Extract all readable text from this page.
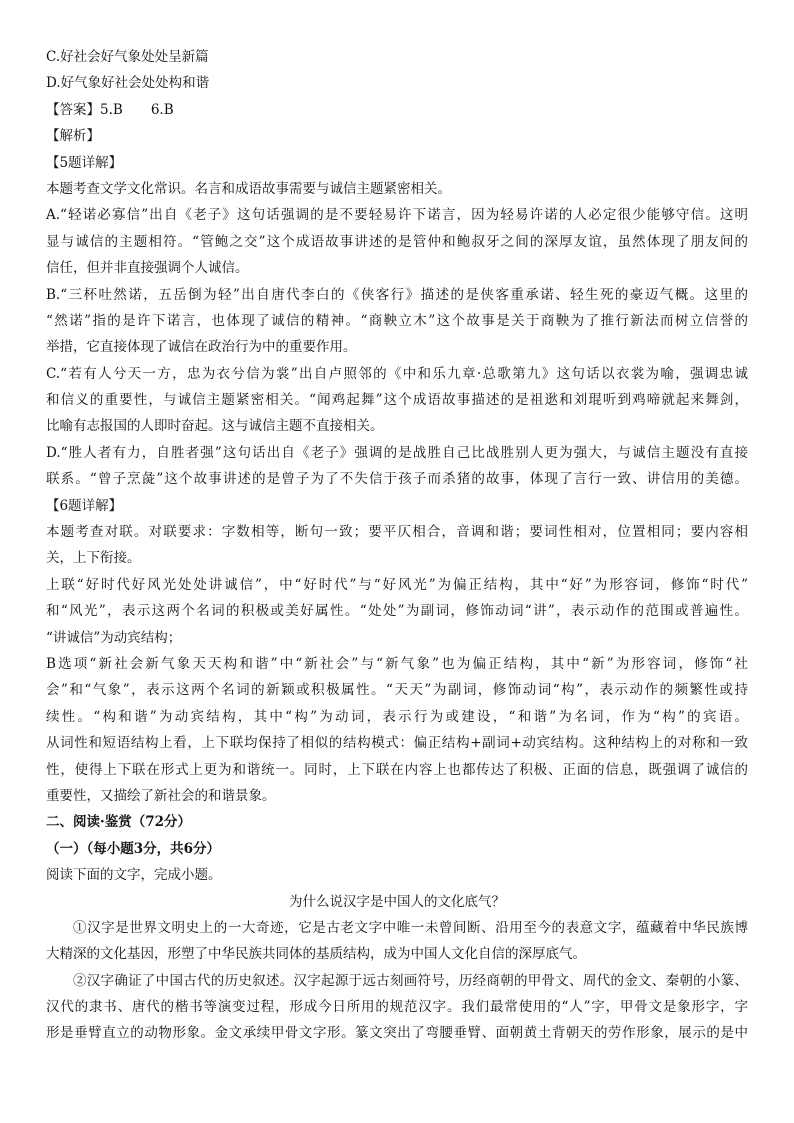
C.好社会好气象处处呈新篇
D.好气象好社会处处构和谐
【答案】5.B 6.B
【解析】
【5题详解】
本题考查文学文化常识。名言和成语故事需要与诚信主题紧密相关。
A.“轻诺必寡信”出自《老子》这句话强调的是不要轻易许下诺言，因为轻易许诺的人必定很少能够守信。这明
显与诚信的主题相符。“管鲍之交”这个成语故事讲述的是管仲和鲍叔牙之间的深厚友谊，虽然体现了朋友间的
信任，但并非直接强调个人诚信。
B.“三杯吐然诺，五岳倒为轻”出自唐代李白的《侠客行》描述的是侠客重承诺、轻生死的豪迈气概。这里的
“然诺”指的是许下诺言，也体现了诚信的精神。“商鞅立木”这个故事是关于商鞅为了推行新法而树立信誉的
举措，它直接体现了诚信在政治行为中的重要作用。
C.“若有人兮天一方，忠为衣兮信为裳”出自卢照邻的《中和乐九章·总歌第九》这句话以衣裳为喻，强调忠诚
和信义的重要性，与诚信主题紧密相关。“闻鸡起舞”这个成语故事描述的是祖逖和刘琨听到鸡啼就起来舞剑，
比喻有志报国的人即时奋起。这与诚信主题不直接相关。
D.“胜人者有力，自胜者强”这句话出自《老子》强调的是战胜自己比战胜别人更为强大，与诚信主题没有直接
联系。“曾子烹彘”这个故事讲述的是曾子为了不失信于孩子而杀猪的故事，体现了言行一致、讲信用的美德。
【6题详解】
本题考查对联。对联要求：字数相等，断句一致；要平仄相合，音调和谐；要词性相对，位置相同；要内容相
关，上下衔接。
上联“好时代好风光处处讲诚信”，中“好时代”与“好风光”为偏正结构，其中“好”为形容词，修饰“时代”
和“风光”，表示这两个名词的积极或美好属性。“处处”为副词，修饰动词“讲”，表示动作的范围或普遍性。
“讲诚信”为动宾结构；
B选项“新社会新气象天天构和谐”中“新社会”与“新气象”也为偏正结构，其中“新”为形容词，修饰“社
会”和“气象”，表示这两个名词的新颖或积极属性。“天天”为副词，修饰动词“构”，表示动作的频繁性或持
续性。“构和谐”为动宾结构，其中“构”为动词，表示行为或建设，“和谐”为名词，作为“构”的宾语。
从词性和短语结构上看，上下联均保持了相似的结构模式：偏正结构+副词+动宾结构。这种结构上的对称和一致
性，使得上下联在形式上更为和谐统一。同时，上下联在内容上也都传达了积极、正面的信息，既强调了诚信的
重要性，又描绘了新社会的和谐景象。
二、阅读·鉴赏（72分）
（一）（每小题3分，共6分）
阅读下面的文字，完成小题。
为什么说汉字是中国人的文化底气？
①汉字是世界文明史上的一大奇迹，它是古老文字中唯一未曾间断、沿用至今的表意文字，蕴藏着中华民族博
大精深的文化基因，形塑了中华民族共同体的基质结构，成为中国人文化自信的深厚底气。
②汉字确证了中国古代的历史叙述。汉字起源于远古刻画符号，历经商朝的甲骨文、周代的金文、秦朝的小篆、
汉代的隶书、唐代的楷书等演变过程，形成今日所用的规范汉字。我们最常使用的“人”字，甲骨文是象形字，字
形是垂臂直立的动物形象。金文承续甲骨文字形。篆文突出了弯腰垂臂、面朝黄土背朝天的劳作形象，展示的是中
